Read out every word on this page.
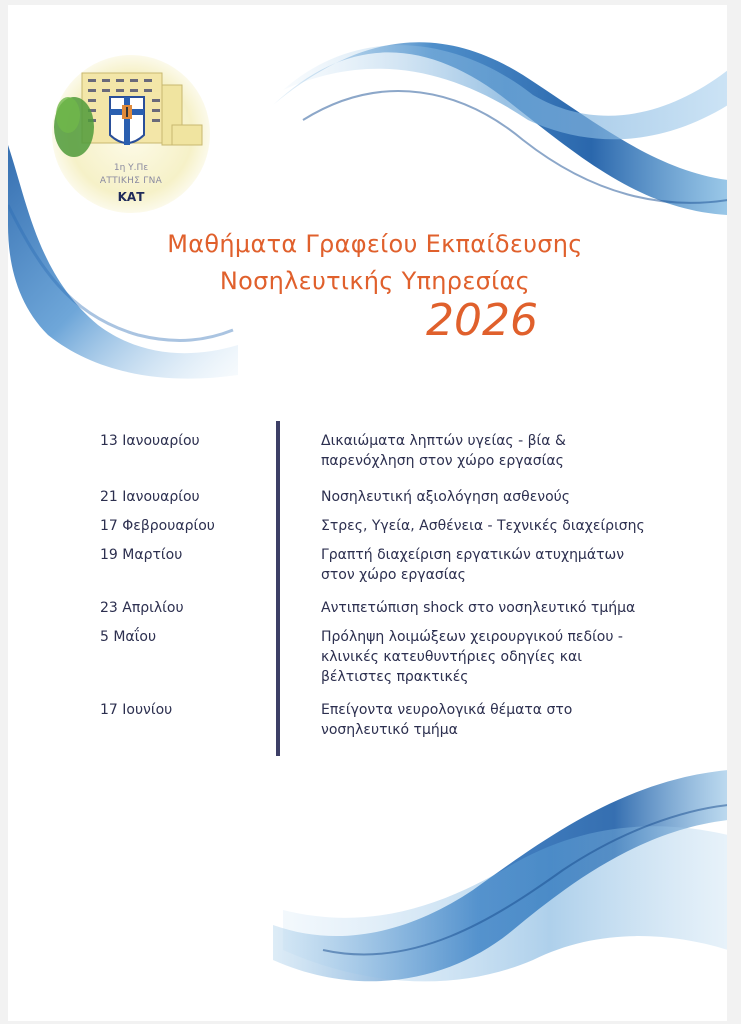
1η Υ.Πε
ΑΤΤΙΚΗΣ ΓΝΑ
ΚΑΤ
Μαθήματα Γραφείου Εκπαίδευσης
Νοσηλευτικής Υπηρεσίας
2026
13 Ιανουαρίου	Δικαιώματα ληπτών υγείας - βία &
παρενόχληση στον χώρο εργασίας
21 Ιανουαρίου	Νοσηλευτική αξιολόγηση ασθενούς
17 Φεβρουαρίου	Στρες, Υγεία, Ασθένεια - Τεχνικές διαχείρισης
19 Μαρτίου	Γραπτή διαχείριση εργατικών ατυχημάτων
στον χώρο εργασίας
23 Απριλίου	Αντιπετώπιση shock στο νοσηλευτικό τμήμα
5 Μαΐου	Πρόληψη λοιμώξεων χειρουργικού πεδίου -
κλινικές κατευθυντήριες οδηγίες και
βέλτιστες πρακτικές
17 Ιουνίου	Επείγοντα νευρολογικά θέματα στο
νοσηλευτικό τμήμα
